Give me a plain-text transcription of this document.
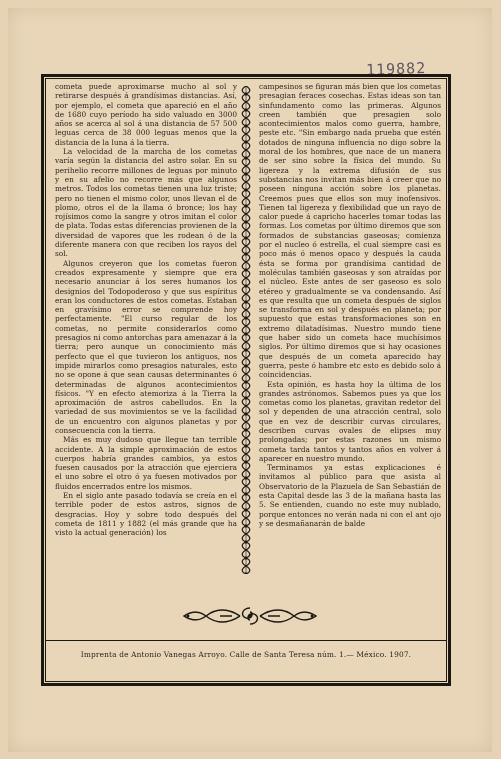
119882

cometa puede aproximarse mucho al sol y retirarse después á grandísimas distancias. Así, por ejemplo, el cometa que apareció en el año de 1680 cuyo período ha sido valuado en 3000 años se acerca al sol á una distancia de 57 500 leguas cerca de 38 000 leguas menos que la distancia de la luna á la tierra.

La velocidad de la marcha de los cometas varía según la distancia del astro solar. En su perihelio recorre millones de leguas por minuto y en su afelio no recorre más que algunos metros. Todos los cometas tienen una luz triste; pero no tienen el mismo color, unos llevan el de plomo, otros el de la llama ó bronce; los hay rojísimos como la sangre y otros imitan el color de plata. Todas estas diferencias provienen de la diversidad de vapores que les rodean ó de la diferente manera con que reciben los rayos del sol.

Algunos creyeron que los cometas fueron creados expresamente y siempre que era necesario anunciar á los seres humanos los designios del Todopoderoso y que sus espíritus eran los conductores de estos cometas. Estaban en gravísimo error se comprende hoy perfectamente. "El curso regular de los cometas, no permite considerarlos como presagios ni como antorchas para amenazar á la tierra; pero aunque un conocimiento más perfecto que el que tuvieron los antiguos, nos impide mirarlos como presagios naturales, esto no se opone á que sean causas determinantes ó determinadas de algunos acontecimientos físicos. "Y en efecto atemoriza á la Tierra la aproximación de astros cabelludos. En la variedad de sus movimientos se ve la facilidad de un encuentro con algunos planetas y por consecuencia con la tierra.

Más es muy dudoso que llegue tan terrible accidente. A la simple aproximación de estos cuerpos habría grandes cambios, ya estos fuesen causados por la atracción que ejerciera el uno sobre el otro ó ya fuesen motivados por fluidos encerrados entre los mismos.

En el siglo ante pasado todavía se creía en el terrible poder de estos astros, signos de desgracias. Hoy y sobre todo después del cometa de 1811 y 1882 (el más grande que ha visto la actual generación) los

campesinos se figuran más bien que los cometas presagian feraces cosechas. Estas ideas son tan sinfundamento como las primeras. Algunos creen también que presagien solo acontecimientos malos como guerra, hambre, peste etc. "Sin embargo nada prueba que estén dotados de ninguna influencia no digo sobre la moral de los hombres, que nace de un manera de ser sino sobre la física del mundo. Su ligereza y la extrema difusión de sus substancias nos invitan más bien á creer que no poseen ninguna acción sobre los planetas. Creemos pues que ellos son muy inofensivos. Tienen tal ligereza y flexibilidad que un rayo de calor puede á capricho hacerles tomar todas las formas. Los cometas por último diremos que son formados de substancias gaseosas; comienza por el nucleo ó estrella, el cual siempre casi es poco más ó menos opaco y después la cauda ésta se forma por grandísima cantidad de moléculas también gaseosas y son atraídas por el núcleo. Este antes de ser gaseoso es solo etéreo y gradualmente se va condensando. Así es que resulta que un cometa después de siglos se transforma en sol y después en planeta; por supuesto que estas transformaciones son en extremo dilatadísimas. Nuestro mundo tiene que haber sido un cometa hace muchísimos siglos. Por último diremos que si hay ocasiones que después de un cometa aparecido hay guerra, peste ó hambre etc esto es debido solo á coincidencias.

Esta opinión, es hasta hoy la última de los grandes astrónomos. Sabemos pues ya que los cometas como los planetas, gravitan redetor del sol y dependen de una atracción central, solo que en vez de describir curvas circulares, describen curvas ovales de elipses muy prolongadas; por estas razones un mismo cometa tarda tantos y tantos años en volver á aparecer en nuestro mundo.

Terminamos ya estas explicaciones é invitamos al público para que asista al Observatorio de la Plazuela de San Sebastián de esta Capital desde las 3 de la mañana hasta las 5. Se entienden, cuando no este muy nublado, porque entonces no verán nada ni con el ant ojo y se desmañanarán de balde

Imprenta de Antonio Vanegas Arroyo. Calle de Santa Teresa núm. 1.— México. 1907.
